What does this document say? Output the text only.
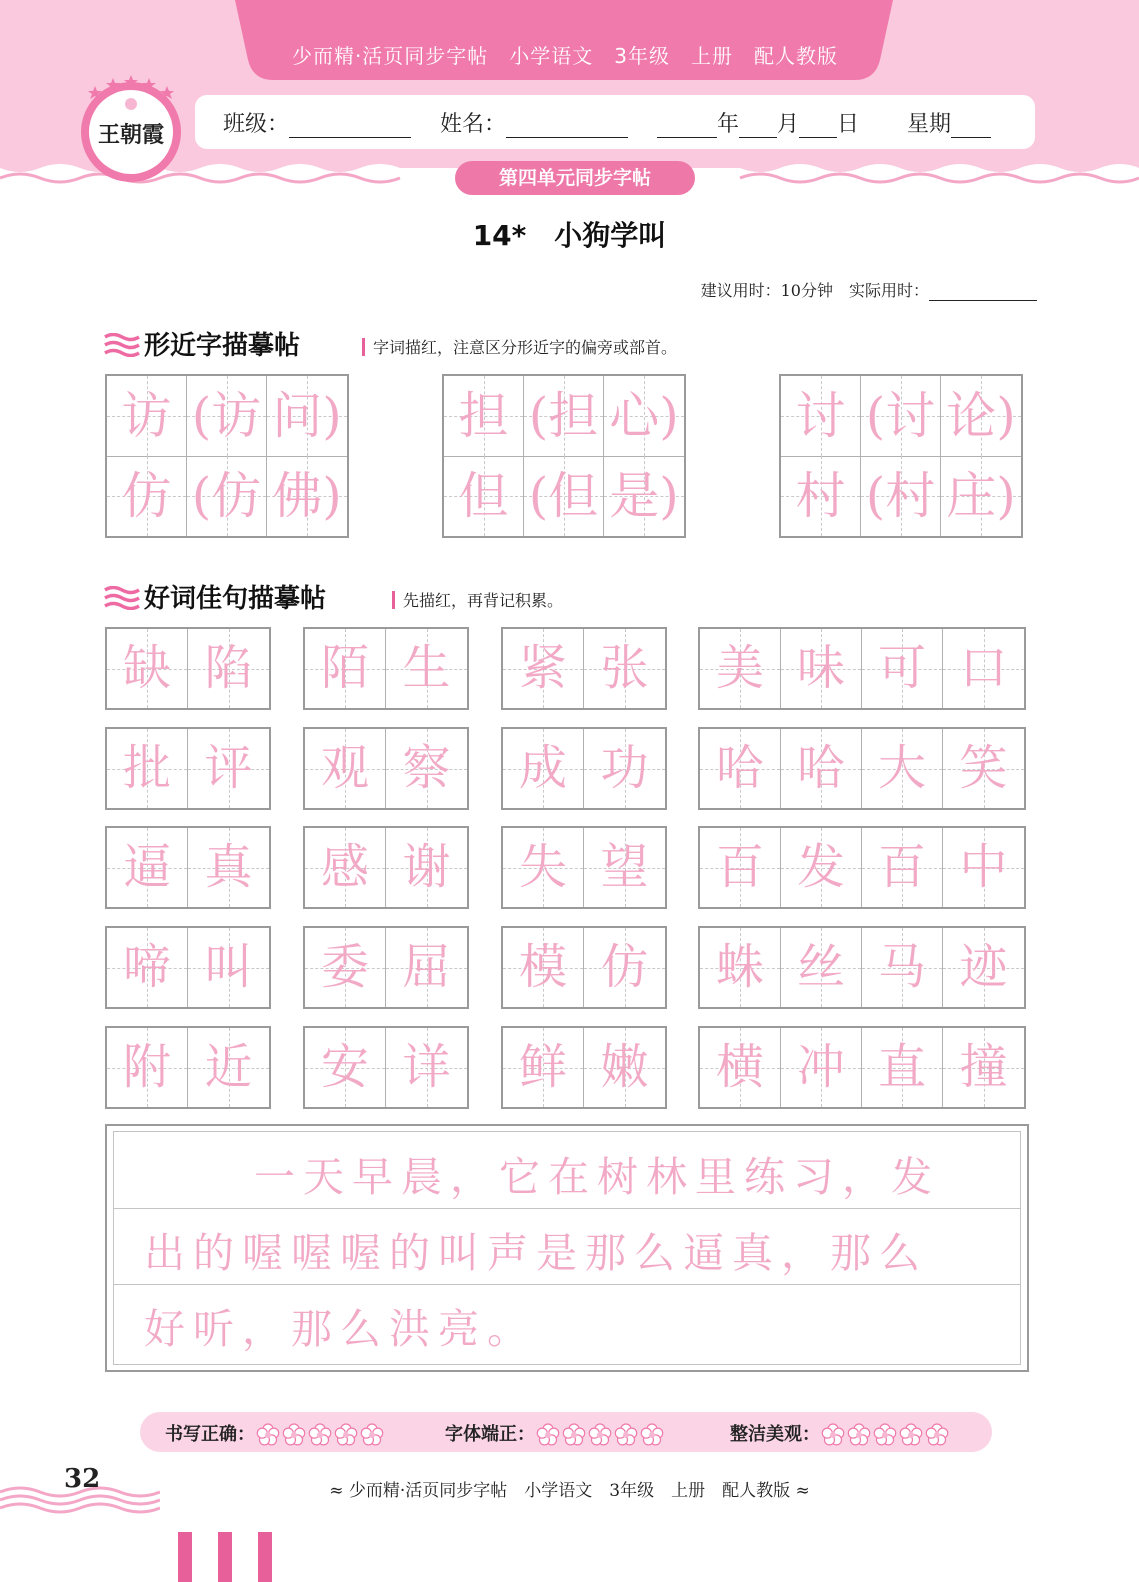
少而精·活页同步字帖　小学语文　3年级　上册　配人教版
王朝霞	班级：	姓名：	年 月 日 星期
第四单元同步字帖
14*　小狗学叫
建议用时：10分钟　 实际用时：
形近字描摹帖	字词描红，注意区分形近字的偏旁或部首。
访 (访 问)
仿 (仿 佛)
担 (担 心)
但 (但 是)
讨 (讨 论)
村 (村 庄)
好词佳句描摹帖	先描红，再背记积累。
缺 陷	陌 生	紧 张	美 味 可 口
批 评	观 察	成 功	哈 哈 大 笑
逼 真	感 谢	失 望	百 发 百 中
啼 叫	委 屈	模 仿	蛛 丝 马 迹
附 近	安 详	鲜 嫩	横 冲 直 撞
一天早晨，它在树林里练习，发
出的喔喔喔的叫声是那么逼真，那么
好听，那么洪亮。
书写正确：	字体端正：	整洁美观：
32	≈ 少而精·活页同步字帖　小学语文　3年级　上册　配人教版 ≈
